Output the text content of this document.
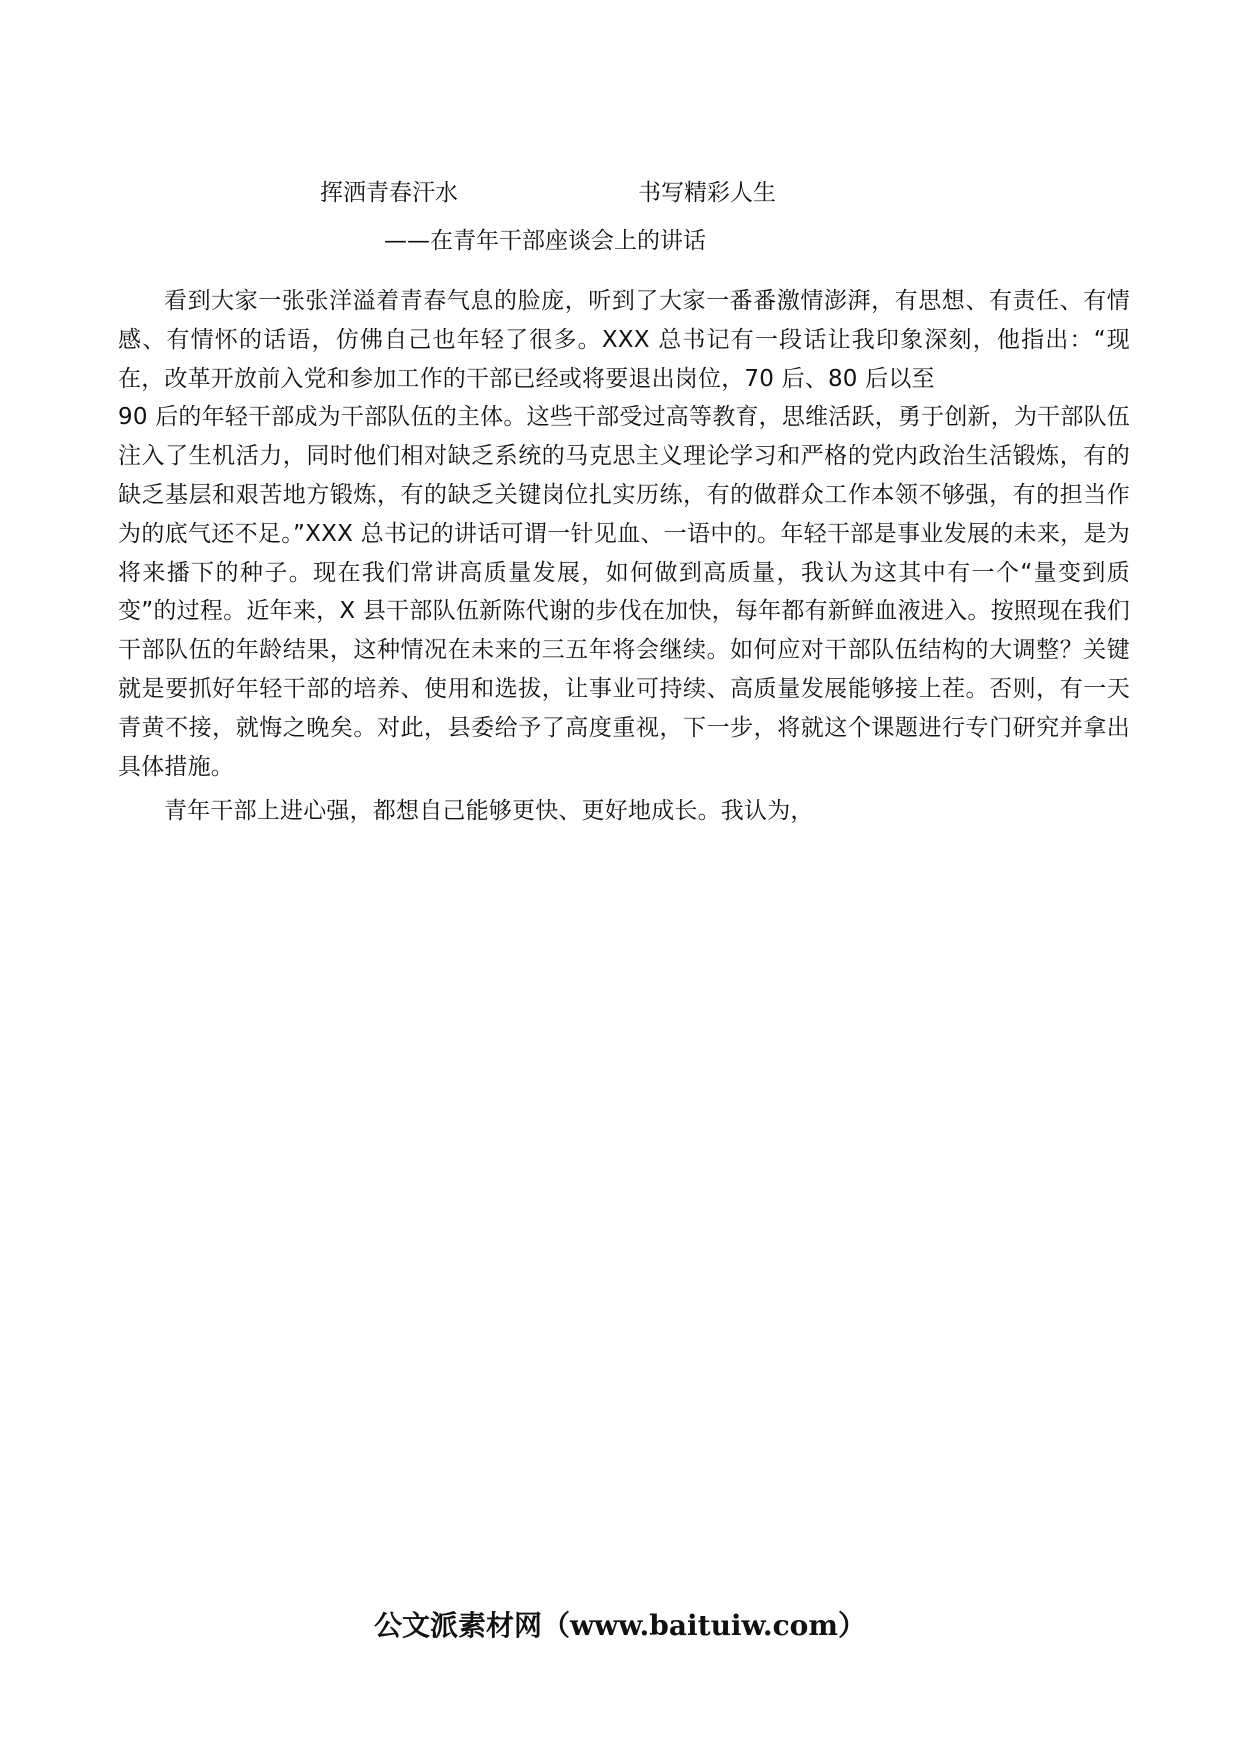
挥洒青春汗水	书写精彩人生
——在青年干部座谈会上的讲话

看到大家一张张洋溢着青春气息的脸庞，听到了大家一番番激情澎湃，有思想、有责任、有情感、有情怀的话语，仿佛自己也年轻了很多。XXX 总书记有一段话让我印象深刻，他指出：“现在，改革开放前入党和参加工作的干部已经或将要退出岗位，70 后、80 后以至

90 后的年轻干部成为干部队伍的主体。这些干部受过高等教育，思维活跃，勇于创新，为干部队伍注入了生机活力，同时他们相对缺乏系统的马克思主义理论学习和严格的党内政治生活锻炼，有的缺乏基层和艰苦地方锻炼，有的缺乏关键岗位扎实历练，有的做群众工作本领不够强，有的担当作为的底气还不足。”XXX 总书记的讲话可谓一针见血、一语中的。年轻干部是事业发展的未来，是为将来播下的种子。现在我们常讲高质量发展，如何做到高质量，我认为这其中有一个“量变到质变”的过程。近年来，X 县干部队伍新陈代谢的步伐在加快，每年都有新鲜血液进入。按照现在我们干部队伍的年龄结果，这种情况在未来的三五年将会继续。如何应对干部队伍结构的大调整？关键就是要抓好年轻干部的培养、使用和选拔，让事业可持续、高质量发展能够接上茬。否则，有一天青黄不接，就悔之晚矣。对此，县委给予了高度重视，下一步，将就这个课题进行专门研究并拿出具体措施。

青年干部上进心强，都想自己能够更快、更好地成长。我认为，

公文派素材网（www.baituiw.com）
